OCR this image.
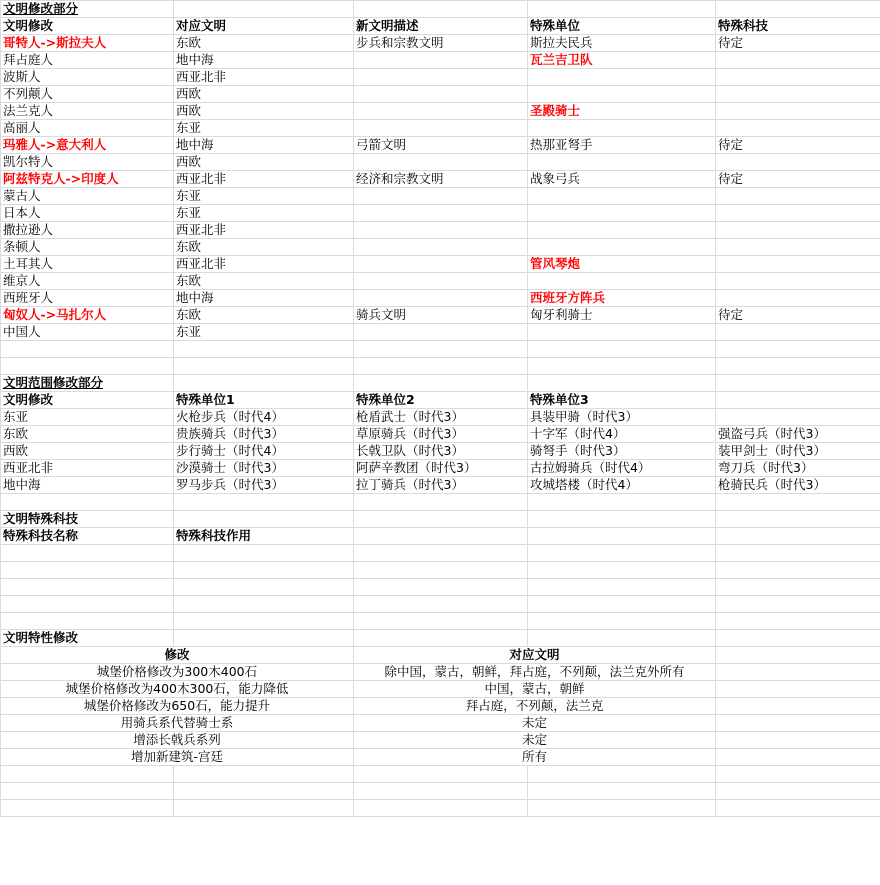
文明修改部分				
文明修改	对应文明	新文明描述	特殊单位	特殊科技
哥特人->斯拉夫人	东欧	步兵和宗教文明	斯拉夫民兵	待定
拜占庭人	地中海		瓦兰吉卫队	
波斯人	西亚北非			
不列颠人	西欧			
法兰克人	西欧		圣殿骑士	
高丽人	东亚			
玛雅人->意大利人	地中海	弓箭文明	热那亚弩手	待定
凯尔特人	西欧			
阿兹特克人->印度人	西亚北非	经济和宗教文明	战象弓兵	待定
蒙古人	东亚			
日本人	东亚			
撒拉逊人	西亚北非			
条顿人	东欧			
土耳其人	西亚北非		管风琴炮	
维京人	东欧			
西班牙人	地中海		西班牙方阵兵	
匈奴人->马扎尔人	东欧	骑兵文明	匈牙利骑士	待定
中国人	东亚			

文明范围修改部分				
文明修改	特殊单位1	特殊单位2	特殊单位3	
东亚	火枪步兵（时代4）	枪盾武士（时代3）	具装甲骑（时代3）	
东欧	贵族骑兵（时代3）	草原骑兵（时代3）	十字军（时代4）	强盗弓兵（时代3）
西欧	步行骑士（时代4）	长戟卫队（时代3）	骑弩手（时代3）	装甲剑士（时代3）
西亚北非	沙漠骑士（时代3）	阿萨辛教团（时代3）	古拉姆骑兵（时代4）	弯刀兵（时代3）
地中海	罗马步兵（时代3）	拉丁骑兵（时代3）	攻城塔楼（时代4）	枪骑民兵（时代3）

文明特殊科技				
特殊科技名称	特殊科技作用			

文明特性修改				
修改		对应文明		
城堡价格修改为300木400石		除中国，蒙古，朝鲜，拜占庭，不列颠，法兰克外所有		
城堡价格修改为400木300石，能力降低		中国，蒙古，朝鲜		
城堡价格修改为650石，能力提升		拜占庭，不列颠，法兰克		
用骑兵系代替骑士系		未定		
增添长戟兵系列		未定		
增加新建筑-宫廷		所有		
